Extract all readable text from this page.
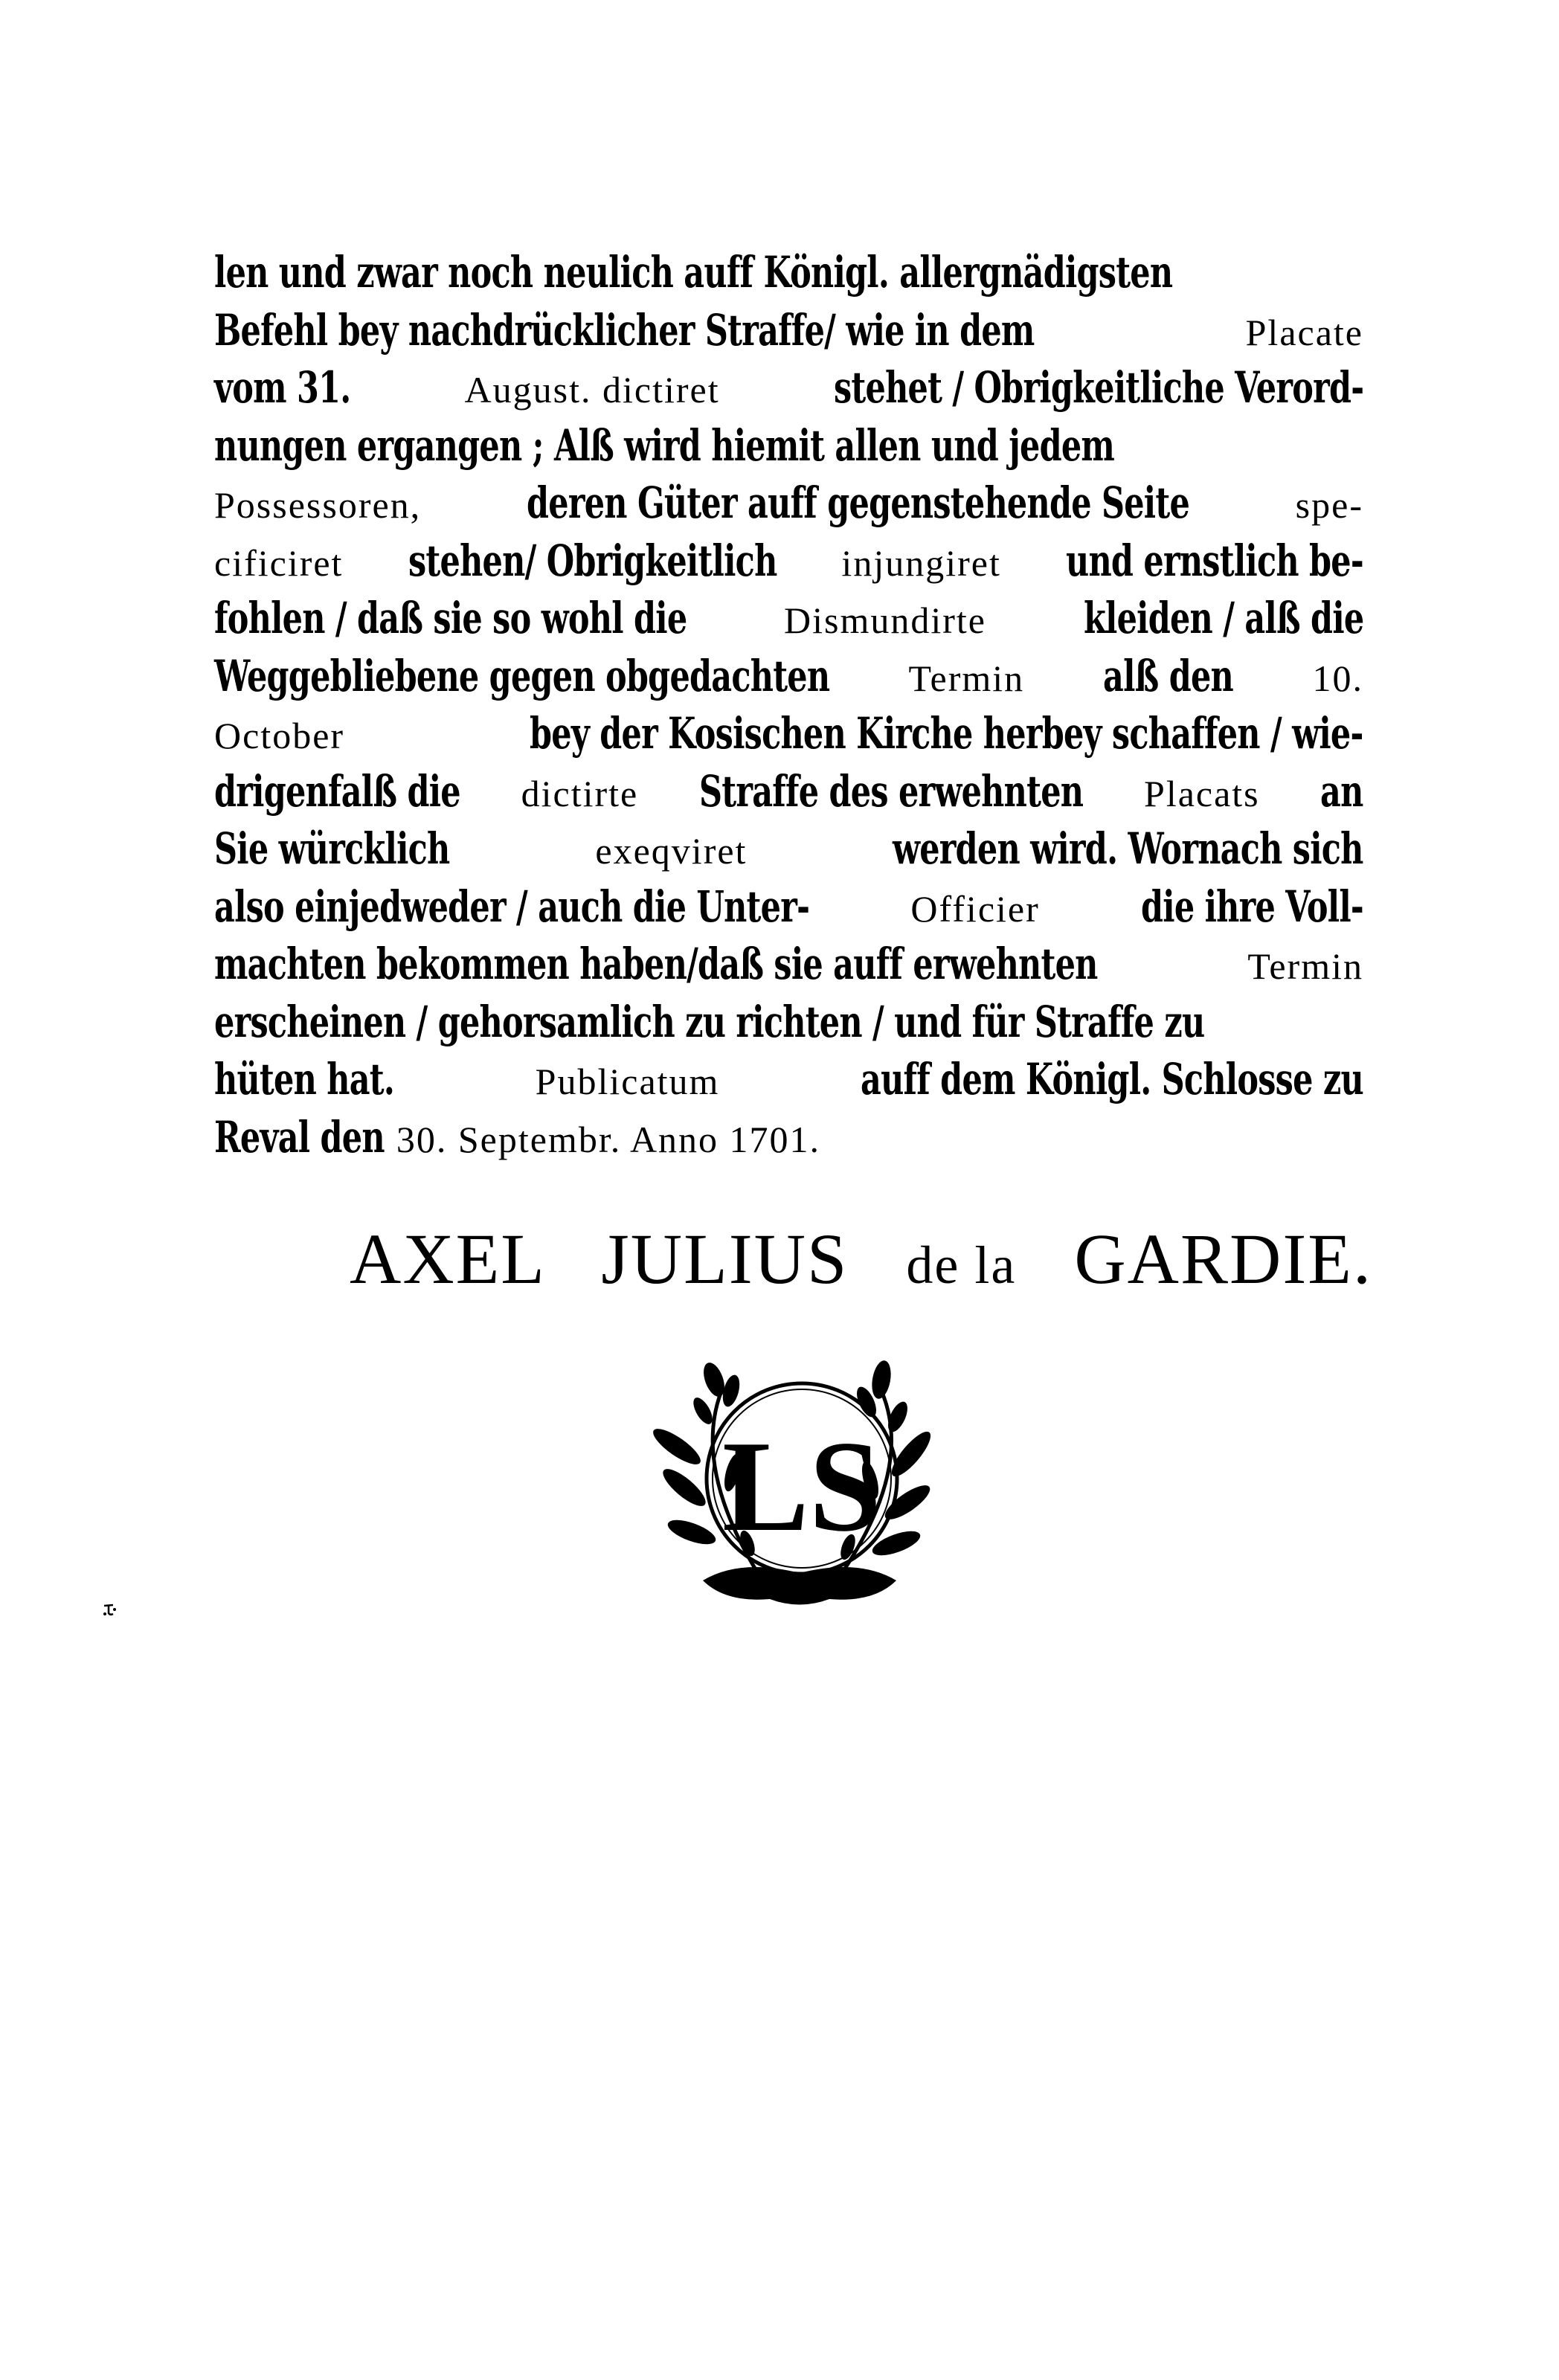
len und zwar noch neulich auff Königl. allergnädigsten
Befehl bey nachdrücklicher Straffe/ wie in dem	Placate
vom 31.	August. dictiret	stehet / Obrigkeitliche Verord-
nungen ergangen ; Alß wird hiemit allen und jedem
Possessoren, deren Güter auff gegenstehende Seite	spe-
cificiret stehen/ Obrigkeitlich injungiret und ernstlich be-
fohlen / daß sie so wohl die	Dismundirte kleiden / alß die
Weggebliebene gegen obgedachten Termin alß den 10.
October	bey der Kosischen Kirche herbey schaffen / wie-
drigenfalß die dictirte Straffe des erwehnten Placats an
Sie würcklich	exeqviret	werden wird. Wornach sich
also einjedweder / auch die Unter-	Officier die ihre Voll-
machten bekommen haben/daß sie auff erwehnten	Termin
erscheinen / gehorsamlich zu richten / und für Straffe zu
hüten hat.	Publicatum	auff dem Königl. Schlosse zu
Reval den 30. Septembr. Anno 1701.
AXEL JULIUS de la GARDIE.
LS
